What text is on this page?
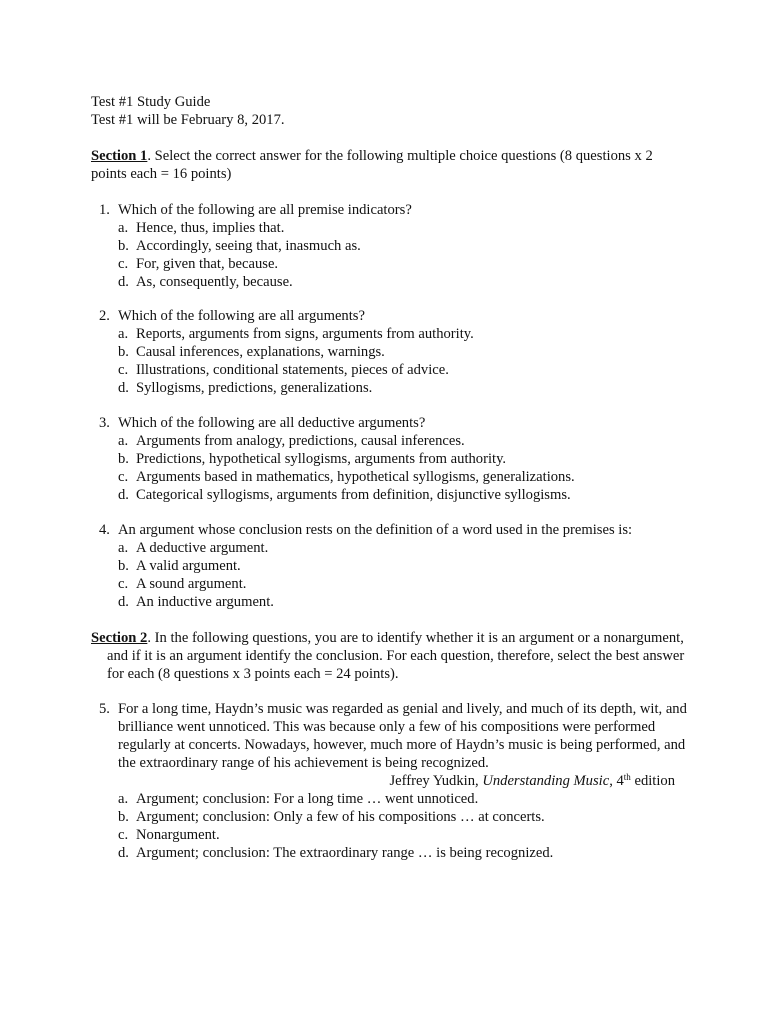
Test #1 Study Guide
Test #1 will be February 8, 2017.
Section 1. Select the correct answer for the following multiple choice questions (8 questions x 2 points each = 16 points)
1. Which of the following are all premise indicators?
a. Hence, thus, implies that.
b. Accordingly, seeing that, inasmuch as.
c. For, given that, because.
d. As, consequently, because.
2. Which of the following are all arguments?
a. Reports, arguments from signs, arguments from authority.
b. Causal inferences, explanations, warnings.
c. Illustrations, conditional statements, pieces of advice.
d. Syllogisms, predictions, generalizations.
3. Which of the following are all deductive arguments?
a. Arguments from analogy, predictions, causal inferences.
b. Predictions, hypothetical syllogisms, arguments from authority.
c. Arguments based in mathematics, hypothetical syllogisms, generalizations.
d. Categorical syllogisms, arguments from definition, disjunctive syllogisms.
4. An argument whose conclusion rests on the definition of a word used in the premises is:
a. A deductive argument.
b. A valid argument.
c. A sound argument.
d. An inductive argument.
Section 2. In the following questions, you are to identify whether it is an argument or a nonargument, and if it is an argument identify the conclusion. For each question, therefore, select the best answer for each (8 questions x 3 points each = 24 points).
5. For a long time, Haydn’s music was regarded as genial and lively, and much of its depth, wit, and brilliance went unnoticed. This was because only a few of his compositions were performed regularly at concerts. Nowadays, however, much more of Haydn’s music is being performed, and the extraordinary range of his achievement is being recognized.
Jeffrey Yudkin, Understanding Music, 4th edition
a. Argument; conclusion: For a long time … went unnoticed.
b. Argument; conclusion: Only a few of his compositions … at concerts.
c. Nonargument.
d. Argument; conclusion: The extraordinary range … is being recognized.
